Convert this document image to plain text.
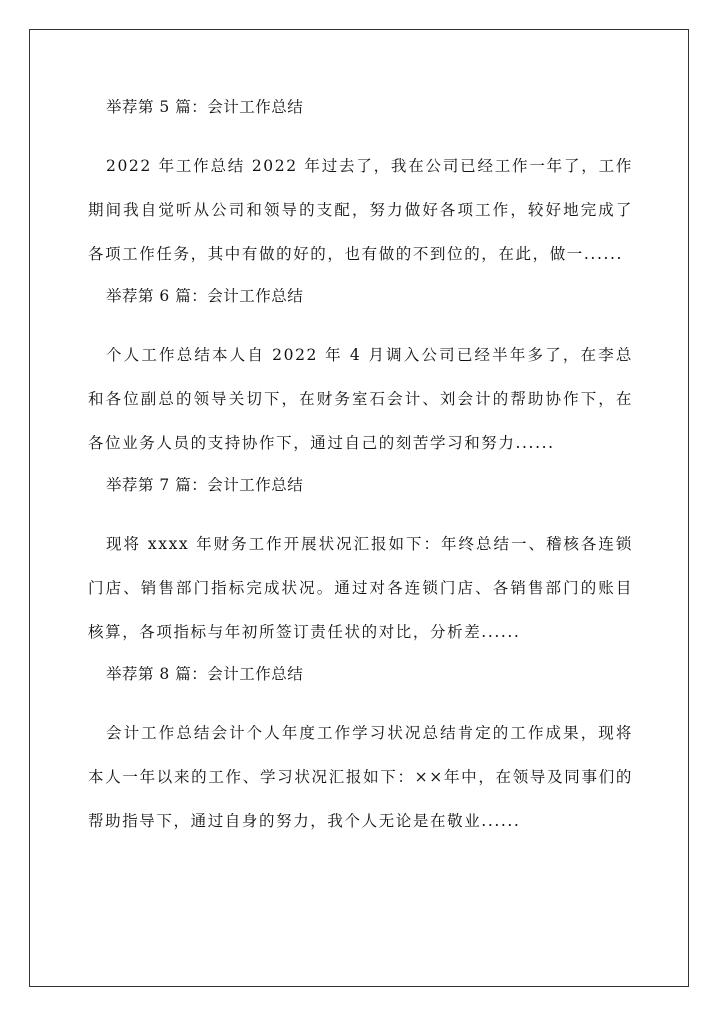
举荐第 5 篇：会计工作总结

2022 年工作总结 2022 年过去了，我在公司已经工作一年了，工作期间我自觉听从公司和领导的支配，努力做好各项工作，较好地完成了各项工作任务，其中有做的好的，也有做的不到位的，在此，做一......

举荐第 6 篇：会计工作总结

个人工作总结本人自 2022 年 4 月调入公司已经半年多了，在李总和各位副总的领导关切下，在财务室石会计、刘会计的帮助协作下，在各位业务人员的支持协作下，通过自己的刻苦学习和努力......

举荐第 7 篇：会计工作总结

现将 xxxx 年财务工作开展状况汇报如下：年终总结一、稽核各连锁门店、销售部门指标完成状况。通过对各连锁门店、各销售部门的账目核算，各项指标与年初所签订责任状的对比，分析差......

举荐第 8 篇：会计工作总结

会计工作总结会计个人年度工作学习状况总结肯定的工作成果，现将本人一年以来的工作、学习状况汇报如下：××年中，在领导及同事们的帮助指导下，通过自身的努力，我个人无论是在敬业......
